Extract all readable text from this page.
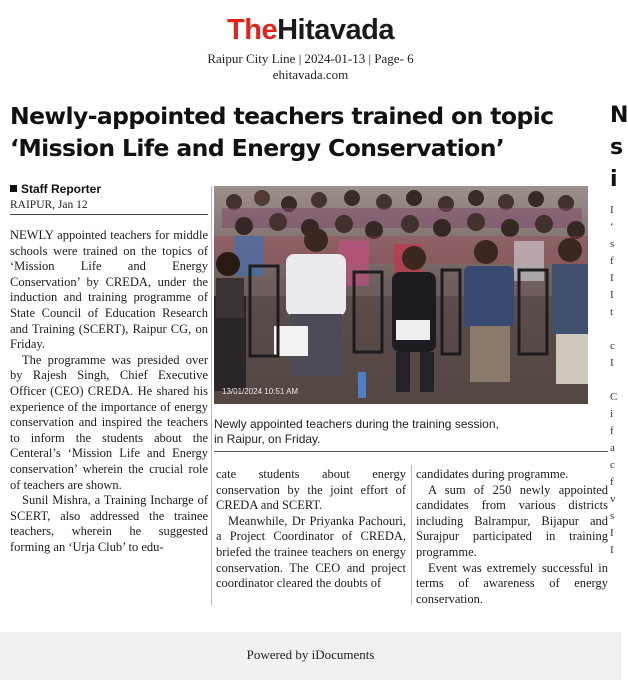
TheHitavada
Raipur City Line | 2024-01-13 | Page- 6
ehitavada.com
Newly-appointed teachers trained on topic
‘Mission Life and Energy Conservation’
N
s
i
I
‘
s
f
I
I
t

c
I

C
i
f
a
c
f
v
s
I
I
Staff Reporter
RAIPUR, Jan 12

NEWLY appointed teachers for middle schools were trained on the topics of ‘Mission Life and Energy Conservation’ by CREDA, under the induction and training programme of State Council of Education Research and Training (SCERT), Raipur CG, on Friday.

The programme was presided over by Rajesh Singh, Chief Executive Officer (CEO) CREDA. He shared his experience of the importance of energy conservation and inspired the teachers to inform the students about the Centeral’s ‘Mission Life and Energy conservation’ wherein the crucial role of teachers are shown.

Sunil Mishra, a Training Incharge of SCERT, also addressed the trainee teachers, wherein he suggested forming an ‘Urja Club’ to edu-

13/01/2024 10:51 AM
Newly appointed teachers during the training session,
in Raipur, on Friday.

cate students about energy conservation by the joint effort of CREDA and SCERT.

Meanwhile, Dr Priyanka Pachouri, a Project Coordinator of CREDA, briefed the trainee teachers on energy conservation. The CEO and project coordinator cleared the doubts of

candidates during programme.

A sum of 250 newly appointed candidates from various districts including Balrampur, Bijapur and Surajpur participated in training programme.

Event was extremely successful in terms of awareness of energy conservation.

Powered by iDocuments
